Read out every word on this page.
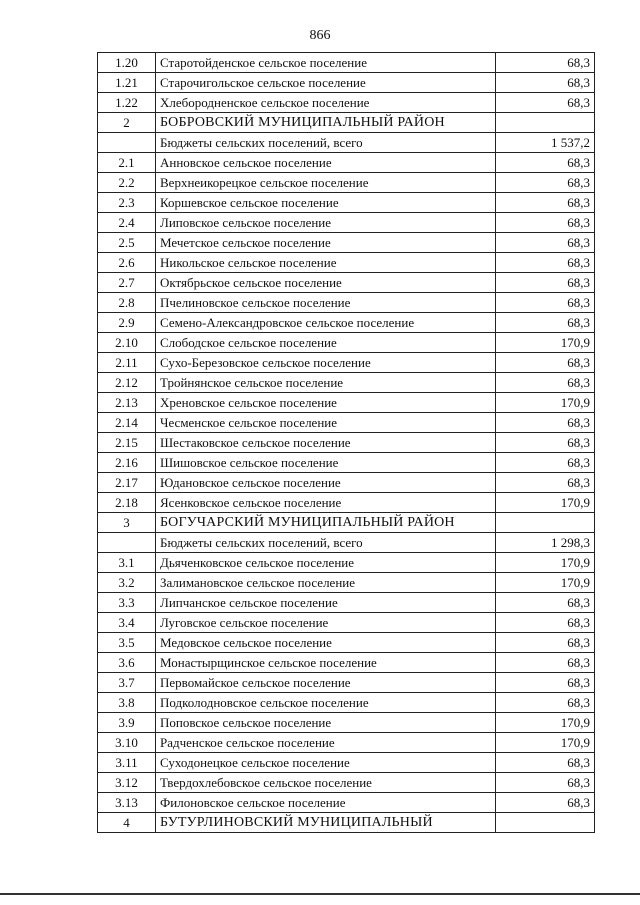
866
1.20	Старотойденское сельское поселение	68,3
1.21	Старочигольское сельское поселение	68,3
1.22	Хлебородненское сельское поселение	68,3
2	БОБРОВСКИЙ МУНИЦИПАЛЬНЫЙ РАЙОН	
	Бюджеты сельских поселений, всего	1 537,2
2.1	Анновское сельское поселение	68,3
2.2	Верхнеикорецкое сельское поселение	68,3
2.3	Коршевское сельское поселение	68,3
2.4	Липовское сельское поселение	68,3
2.5	Мечетское сельское поселение	68,3
2.6	Никольское сельское поселение	68,3
2.7	Октябрьское сельское поселение	68,3
2.8	Пчелиновское сельское поселение	68,3
2.9	Семено-Александровское сельское поселение	68,3
2.10	Слободское сельское поселение	170,9
2.11	Сухо-Березовское сельское поселение	68,3
2.12	Тройнянское сельское поселение	68,3
2.13	Хреновское сельское поселение	170,9
2.14	Чесменское сельское поселение	68,3
2.15	Шестаковское сельское поселение	68,3
2.16	Шишовское сельское поселение	68,3
2.17	Юдановское сельское поселение	68,3
2.18	Ясенковское сельское поселение	170,9
3	БОГУЧАРСКИЙ МУНИЦИПАЛЬНЫЙ РАЙОН	
	Бюджеты сельских поселений, всего	1 298,3
3.1	Дьяченковское сельское поселение	170,9
3.2	Залимановское сельское поселение	170,9
3.3	Липчанское сельское поселение	68,3
3.4	Луговское сельское поселение	68,3
3.5	Медовское сельское поселение	68,3
3.6	Монастырщинское сельское поселение	68,3
3.7	Первомайское сельское поселение	68,3
3.8	Подколодновское сельское поселение	68,3
3.9	Поповское сельское поселение	170,9
3.10	Радченское сельское поселение	170,9
3.11	Суходонецкое сельское поселение	68,3
3.12	Твердохлебовское сельское поселение	68,3
3.13	Филоновское сельское поселение	68,3
4	БУТУРЛИНОВСКИЙ МУНИЦИПАЛЬНЫЙ	
